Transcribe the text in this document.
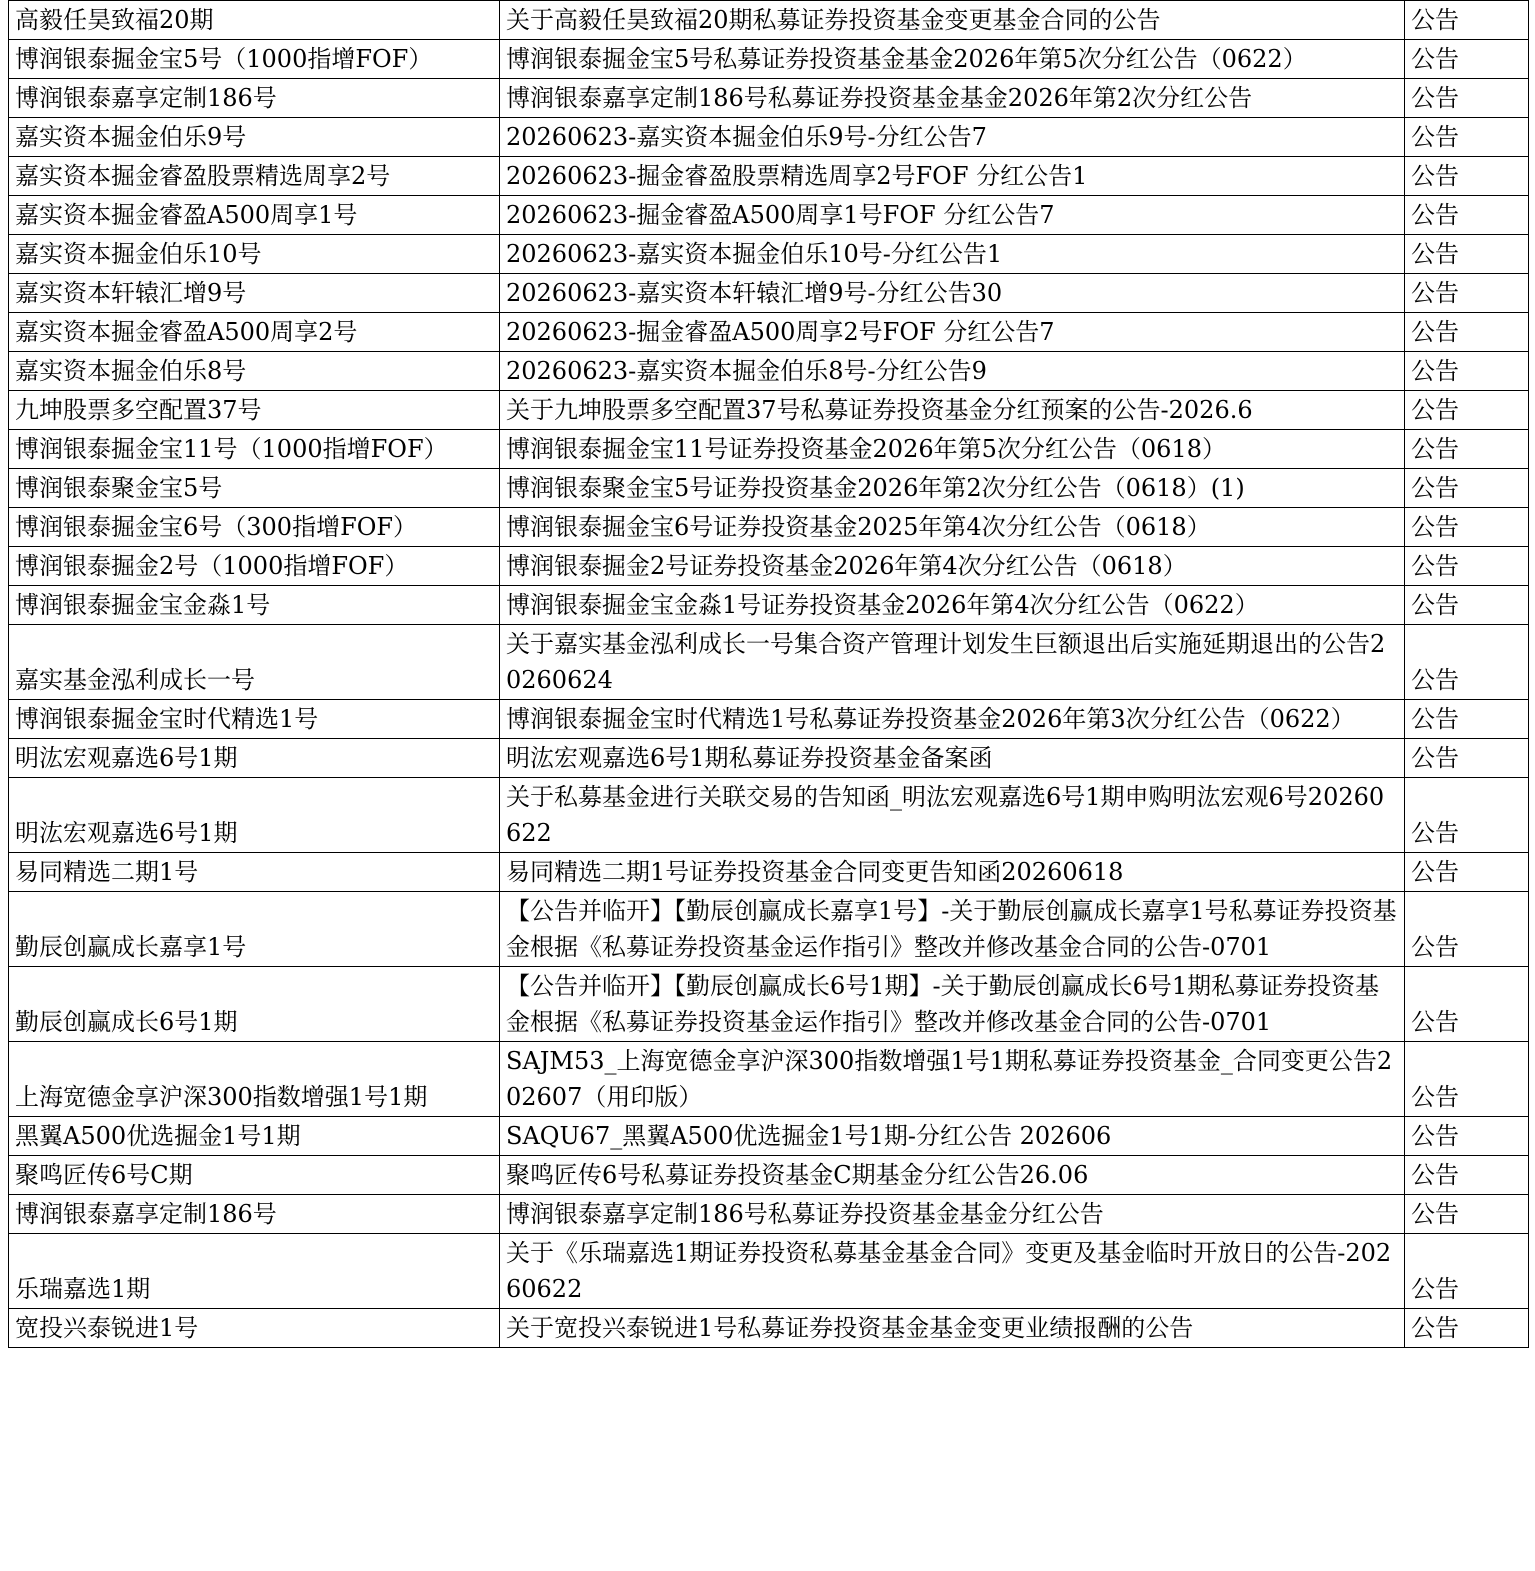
高毅任昊致福20期	关于高毅任昊致福20期私募证券投资基金变更基金合同的公告	公告
博润银泰掘金宝5号（1000指增FOF）	博润银泰掘金宝5号私募证券投资基金基金2026年第5次分红公告（0622）	公告
博润银泰嘉享定制186号	博润银泰嘉享定制186号私募证券投资基金基金2026年第2次分红公告	公告
嘉实资本掘金伯乐9号	20260623-嘉实资本掘金伯乐9号-分红公告7	公告
嘉实资本掘金睿盈股票精选周享2号	20260623-掘金睿盈股票精选周享2号FOF 分红公告1	公告
嘉实资本掘金睿盈A500周享1号	20260623-掘金睿盈A500周享1号FOF 分红公告7	公告
嘉实资本掘金伯乐10号	20260623-嘉实资本掘金伯乐10号-分红公告1	公告
嘉实资本轩辕汇增9号	20260623-嘉实资本轩辕汇增9号-分红公告30	公告
嘉实资本掘金睿盈A500周享2号	20260623-掘金睿盈A500周享2号FOF 分红公告7	公告
嘉实资本掘金伯乐8号	20260623-嘉实资本掘金伯乐8号-分红公告9	公告
九坤股票多空配置37号	关于九坤股票多空配置37号私募证券投资基金分红预案的公告-2026.6	公告
博润银泰掘金宝11号（1000指增FOF）	博润银泰掘金宝11号证券投资基金2026年第5次分红公告（0618）	公告
博润银泰聚金宝5号	博润银泰聚金宝5号证券投资基金2026年第2次分红公告（0618）(1)	公告
博润银泰掘金宝6号（300指增FOF）	博润银泰掘金宝6号证券投资基金2025年第4次分红公告（0618）	公告
博润银泰掘金2号（1000指增FOF）	博润银泰掘金2号证券投资基金2026年第4次分红公告（0618）	公告
博润银泰掘金宝金淼1号	博润银泰掘金宝金淼1号证券投资基金2026年第4次分红公告（0622）	公告
嘉实基金泓利成长一号	关于嘉实基金泓利成长一号集合资产管理计划发生巨额退出后实施延期退出的公告20260624	公告
博润银泰掘金宝时代精选1号	博润银泰掘金宝时代精选1号私募证券投资基金2026年第3次分红公告（0622）	公告
明汯宏观嘉选6号1期	明汯宏观嘉选6号1期私募证券投资基金备案函	公告
明汯宏观嘉选6号1期	关于私募基金进行关联交易的告知函_明汯宏观嘉选6号1期申购明汯宏观6号20260622	公告
易同精选二期1号	易同精选二期1号证券投资基金合同变更告知函20260618	公告
勤辰创赢成长嘉享1号	【公告并临开】【勤辰创赢成长嘉享1号】-关于勤辰创赢成长嘉享1号私募证券投资基金根据《私募证券投资基金运作指引》整改并修改基金合同的公告-0701	公告
勤辰创赢成长6号1期	【公告并临开】【勤辰创赢成长6号1期】-关于勤辰创赢成长6号1期私募证券投资基金根据《私募证券投资基金运作指引》整改并修改基金合同的公告-0701	公告
上海宽德金享沪深300指数增强1号1期	SAJM53_上海宽德金享沪深300指数增强1号1期私募证券投资基金_合同变更公告202607（用印版）	公告
黑翼A500优选掘金1号1期	SAQU67_黑翼A500优选掘金1号1期-分红公告 202606	公告
聚鸣匠传6号C期	聚鸣匠传6号私募证券投资基金C期基金分红公告26.06	公告
博润银泰嘉享定制186号	博润银泰嘉享定制186号私募证券投资基金基金分红公告	公告
乐瑞嘉选1期	关于《乐瑞嘉选1期证券投资私募基金基金合同》变更及基金临时开放日的公告-20260622	公告
宽投兴泰锐进1号	关于宽投兴泰锐进1号私募证券投资基金基金变更业绩报酬的公告	公告
